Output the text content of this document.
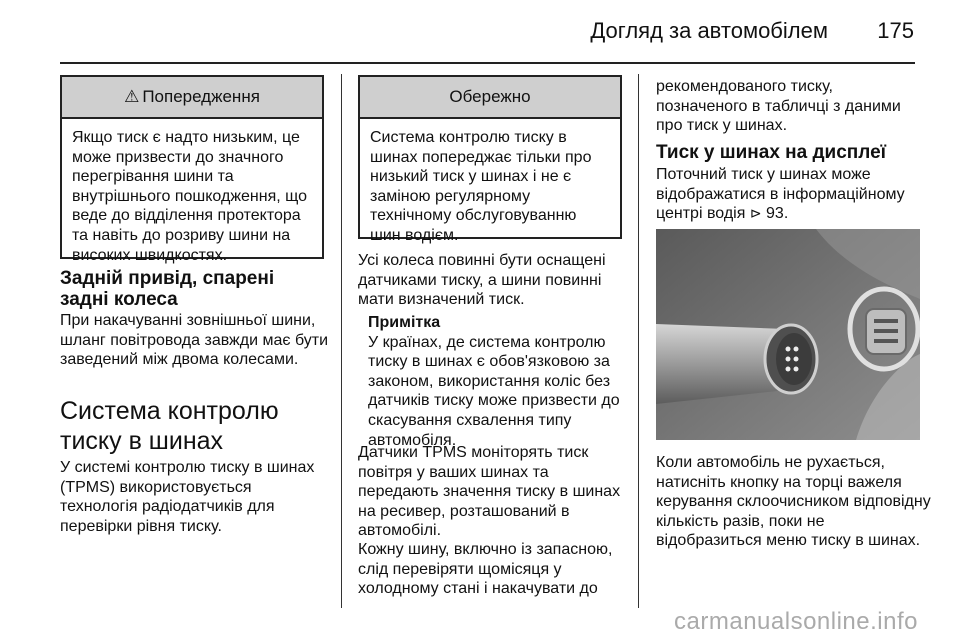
Догляд за автомобілем 175
⚠ Попередження
Якщо тиск є надто низьким, це може призвести до значного перегрівання шини та внутрішнього пошкодження, що веде до відділення протектора та навіть до розриву шини на високих швидкостях.
Задній привід, спарені задні колеса
При накачуванні зовнішньої шини, шланг повітровода завжди має бути заведений між двома колесами.
Система контролю тиску в шинах
У системі контролю тиску в шинах (TPMS) використовується технологія радіодатчиків для перевірки рівня тиску.
Обережно
Система контролю тиску в шинах попереджає тільки про низький тиск у шинах і не є заміною регулярному технічному обслуговуванню шин водієм.
Усі колеса повинні бути оснащені датчиками тиску, а шини повинні мати визначений тиск.

Примітка

У країнах, де система контролю тиску в шинах є обов'язковою за законом, використання коліс без датчиків тиску може призвести до скасування схвалення типу автомобіля.

Датчики TPMS моніторять тиск повітря у ваших шинах та передають значення тиску в шинах на ресивер, розташований в автомобілі.
Кожну шину, включно із запасною, слід перевіряти щомісяця у холодному стані і накачувати до
рекомендованого тиску, позначеного в табличці з даними про тиск у шинах.
Тиск у шинах на дисплеї
Поточний тиск у шинах може відображатися в інформаційному центрі водія ⊳ 93.
Коли автомобіль не рухається, натисніть кнопку на торці важеля керування склоочисником відповідну кількість разів, поки не відобразиться меню тиску в шинах.
carmanualsonline.info
